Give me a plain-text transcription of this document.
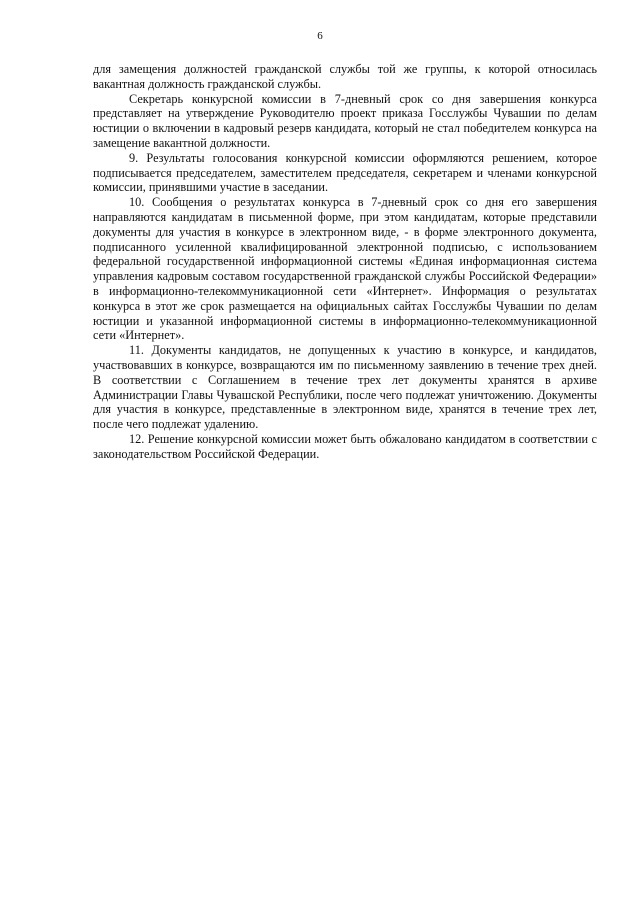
6

для замещения должностей гражданской службы той же группы, к которой относилась вакантная должность гражданской службы.

Секретарь конкурсной комиссии в 7-дневный срок со дня завершения конкурса представляет на утверждение Руководителю проект приказа Госслужбы Чувашии по делам юстиции о включении в кадровый резерв кандидата, который не стал победителем конкурса на замещение вакантной должности.

9. Результаты голосования конкурсной комиссии оформляются решением, которое подписывается председателем, заместителем председателя, секретарем и членами конкурсной комиссии, принявшими участие в заседании.

10. Сообщения о результатах конкурса в 7-дневный срок со дня его завершения направляются кандидатам в письменной форме, при этом кандидатам, которые представили документы для участия в конкурсе в электронном виде, - в форме электронного документа, подписанного усиленной квалифицированной электронной подписью, с использованием федеральной государственной информационной системы «Единая информационная система управления кадровым составом государственной гражданской службы Российской Федерации» в информационно-телекоммуникационной сети «Интернет». Информация о результатах конкурса в этот же срок размещается на официальных сайтах Госслужбы Чувашии по делам юстиции и указанной информационной системы в информационно-телекоммуникационной сети «Интернет».

11. Документы кандидатов, не допущенных к участию в конкурсе, и кандидатов, участвовавших в конкурсе, возвращаются им по письменному заявлению в течение трех дней. В соответствии с Соглашением в течение трех лет документы хранятся в архиве Администрации Главы Чувашской Республики, после чего подлежат уничтожению. Документы для участия в конкурсе, представленные в электронном виде, хранятся в течение трех лет, после чего подлежат удалению.

12. Решение конкурсной комиссии может быть обжаловано кандидатом в соответствии с законодательством Российской Федерации.
